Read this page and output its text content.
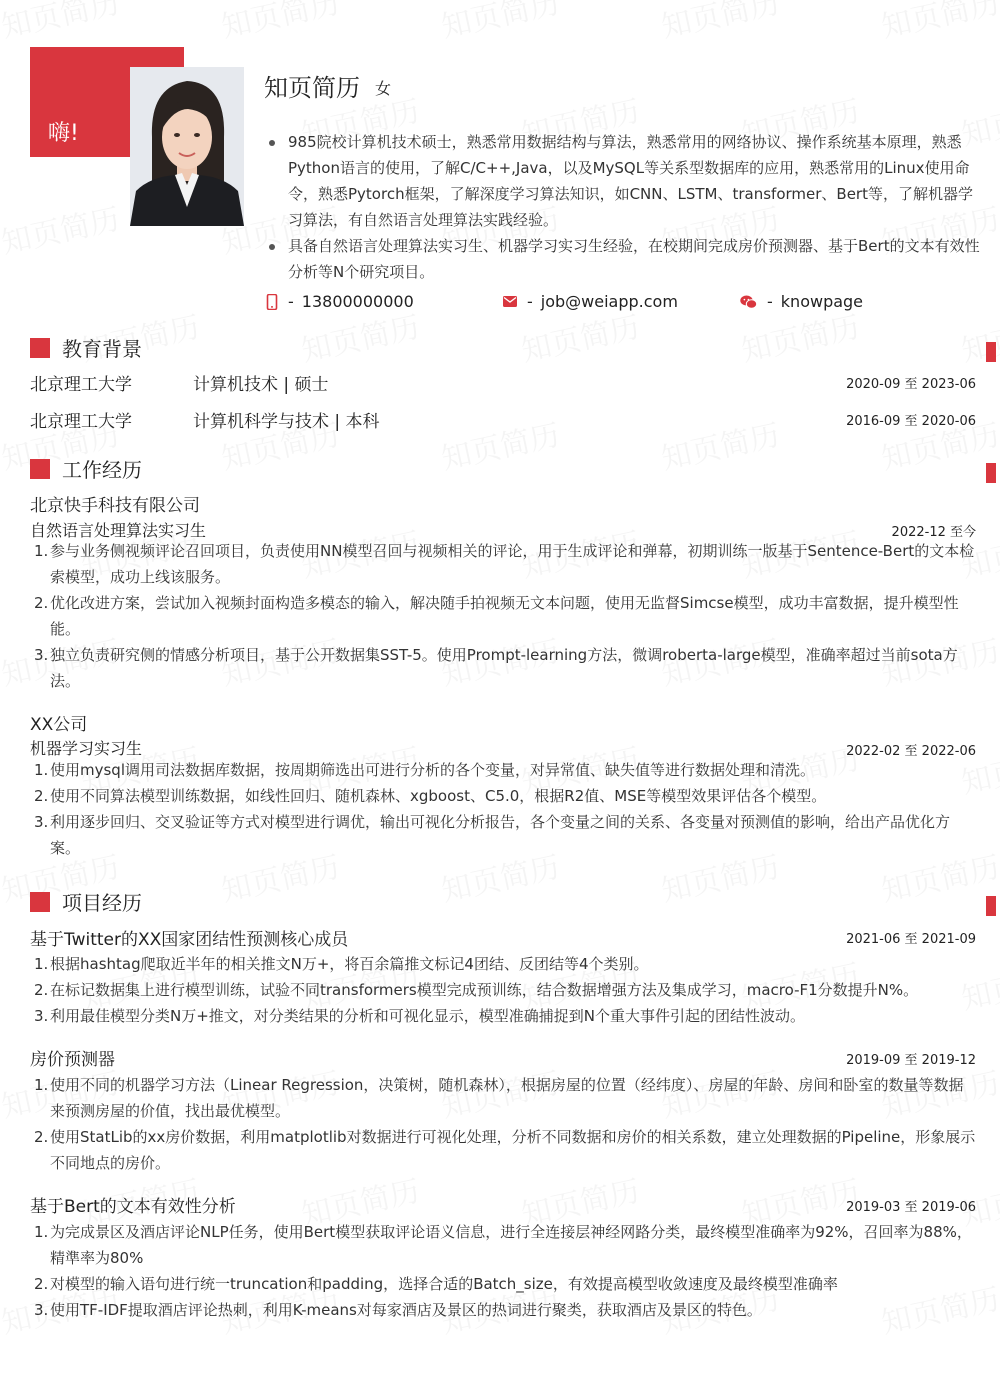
嗨!
知页简历 女
985院校计算机技术硕士，熟悉常用数据结构与算法，熟悉常用的网络协议、操作系统基本原理，熟悉Python语言的使用，了解C/C++,Java，以及MySQL等关系型数据库的应用，熟悉常用的Linux使用命令，熟悉Pytorch框架，了解深度学习算法知识，如CNN、LSTM、transformer、Bert等，了解机器学习算法，有自然语言处理算法实践经验。
具备自然语言处理算法实习生、机器学习实习生经验，在校期间完成房价预测器、基于Bert的文本有效性分析等N个研究项目。
- 13800000000	- job@weiapp.com	- knowpage
教育背景
北京理工大学	计算机技术 | 硕士	2020-09 至 2023-06
北京理工大学	计算机科学与技术 | 本科	2016-09 至 2020-06
工作经历
北京快手科技有限公司
自然语言处理算法实习生	2022-12 至今
1. 参与业务侧视频评论召回项目，负责使用NN模型召回与视频相关的评论，用于生成评论和弹幕，初期训练一版基于Sentence-Bert的文本检索模型，成功上线该服务。
2. 优化改进方案，尝试加入视频封面构造多模态的输入，解决随手拍视频无文本问题，使用无监督Simcse模型，成功丰富数据，提升模型性能。
3. 独立负责研究侧的情感分析项目，基于公开数据集SST-5。使用Prompt-learning方法，微调roberta-large模型，准确率超过当前sota方法。
XX公司
机器学习实习生	2022-02 至 2022-06
1. 使用mysql调用司法数据库数据，按周期筛选出可进行分析的各个变量，对异常值、缺失值等进行数据处理和清洗。
2. 使用不同算法模型训练数据，如线性回归、随机森林、xgboost、C5.0，根据R2值、MSE等模型效果评估各个模型。
3. 利用逐步回归、交叉验证等方式对模型进行调优，输出可视化分析报告，各个变量之间的关系、各变量对预测值的影响，给出产品优化方案。
项目经历
基于Twitter的XX国家团结性预测核心成员	2021-06 至 2021-09
1. 根据hashtag爬取近半年的相关推文N万+，将百余篇推文标记4团结、反团结等4个类别。
2. 在标记数据集上进行模型训练，试验不同transformers模型完成预训练，结合数据增强方法及集成学习，macro-F1分数提升N%。
3. 利用最佳模型分类N万+推文，对分类结果的分析和可视化显示，模型准确捕捉到N个重大事件引起的团结性波动。
房价预测器	2019-09 至 2019-12
1. 使用不同的机器学习方法（Linear Regression，决策树，随机森林），根据房屋的位置（经纬度）、房屋的年龄、房间和卧室的数量等数据来预测房屋的价值，找出最优模型。
2. 使用StatLib的xx房价数据，利用matplotlib对数据进行可视化处理，分析不同数据和房价的相关系数，建立处理数据的Pipeline，形象展示不同地点的房价。
基于Bert的文本有效性分析	2019-03 至 2019-06
1. 为完成景区及酒店评论NLP任务，使用Bert模型获取评论语义信息，进行全连接层神经网路分类，最终模型准确率为92%，召回率为88%，精準率为80%
2. 对模型的输入语句进行统一truncation和padding，选择合适的Batch_size，有效提高模型收敛速度及最终模型准确率
3. 使用TF-IDF提取酒店评论热刺，利用K-means对每家酒店及景区的热词进行聚类，获取酒店及景区的特色。
